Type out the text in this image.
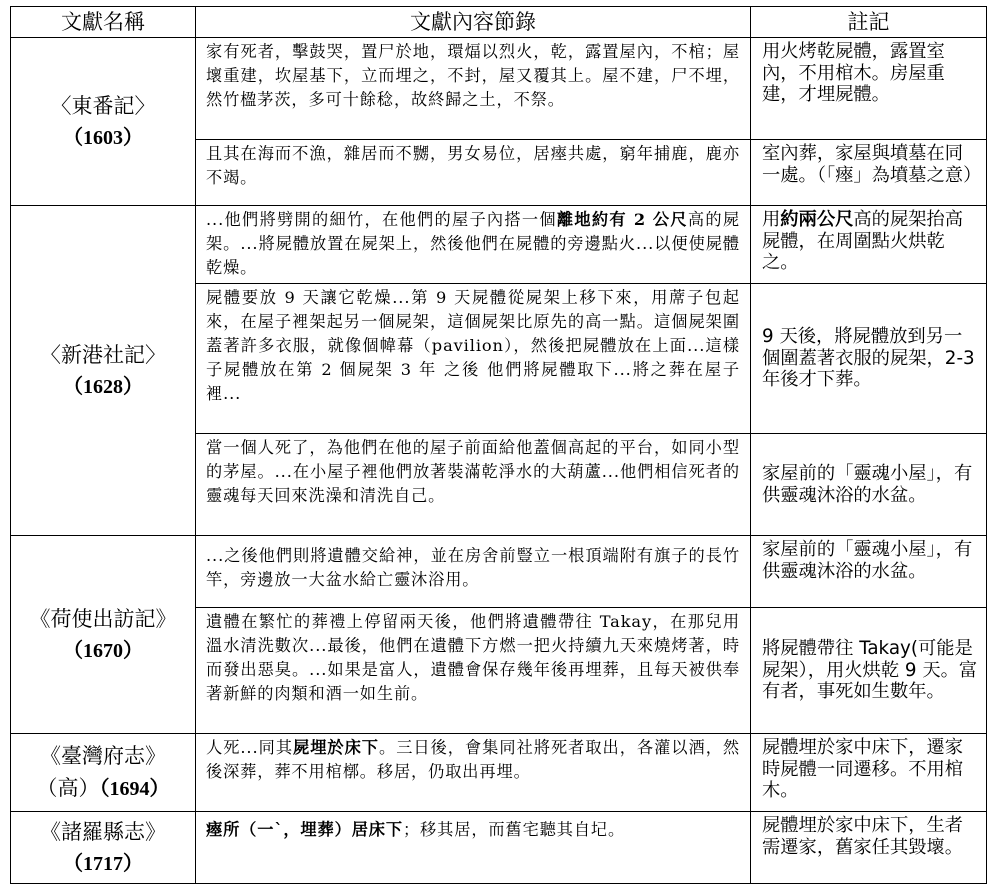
文獻名稱	文獻內容節錄	註記

〈東番記〉
（1603）	家有死者，擊鼓哭，置尸於地，環煏以烈火，乾，露置屋內，不棺；屋壞重建，坎屋基下，立而埋之，不封，屋又覆其上。屋不建，尸不埋，然竹楹茅茨，多可十餘稔，故終歸之土，不祭。	用火烤乾屍體，露置室內，不用棺木。房屋重建，才埋屍體。
	且其在海而不漁，雜居而不嬲，男女易位，居瘞共處，窮年捕鹿，鹿亦不竭。	室內葬，家屋與墳墓在同一處。（「瘞」為墳墓之意）

〈新港社記〉
（1628）	...他們將劈開的細竹，在他們的屋子內搭一個離地約有 2 公尺高的屍架。...將屍體放置在屍架上，然後他們在屍體的旁邊點火...以便使屍體乾燥。	用約兩公尺高的屍架抬高屍體，在周圍點火烘乾之。
	屍體要放 9 天讓它乾燥...第 9 天屍體從屍架上移下來，用蓆子包起來，在屋子裡架起另一個屍架，這個屍架比原先的高一點。這個屍架圍蓋著許多衣服，就像個幃幕（pavilion），然後把屍體放在上面...這樣子屍體放在第 2 個屍架 3 年 之後 他們將屍體取下...將之葬在屋子裡...	9 天後，將屍體放到另一個圍蓋著衣服的屍架，2-3 年後才下葬。
	當一個人死了，為他們在他的屋子前面給他蓋個高起的平台，如同小型的茅屋。...在小屋子裡他們放著裝滿乾淨水的大葫蘆...他們相信死者的靈魂每天回來洗澡和清洗自己。	家屋前的「靈魂小屋」，有供靈魂沐浴的水盆。

《荷使出訪記》
（1670）	...之後他們則將遺體交給神，並在房舍前豎立一根頂端附有旗子的長竹竿，旁邊放一大盆水給亡靈沐浴用。	家屋前的「靈魂小屋」，有供靈魂沐浴的水盆。
	遺體在繁忙的葬禮上停留兩天後，他們將遺體帶往 Takay，在那兒用溫水清洗數次...最後，他們在遺體下方燃一把火持續九天來燒烤著，時而發出惡臭。...如果是富人，遺體會保存幾年後再埋葬，且每天被供奉著新鮮的肉類和酒一如生前。	將屍體帶往 Takay(可能是屍架），用火烘乾 9 天。富有者，事死如生數年。

《臺灣府志》
（高）（1694）	人死...同其屍埋於床下。三日後，會集同社將死者取出，各灌以酒，然後深葬，葬不用棺槨。移居，仍取出再埋。	屍體埋於家中床下，遷家時屍體一同遷移。不用棺木。

《諸羅縣志》
（1717）	瘞所（一`，埋葬）居床下；移其居，而舊宅聽其自圮。	屍體埋於家中床下，生者需遷家，舊家任其毀壞。
